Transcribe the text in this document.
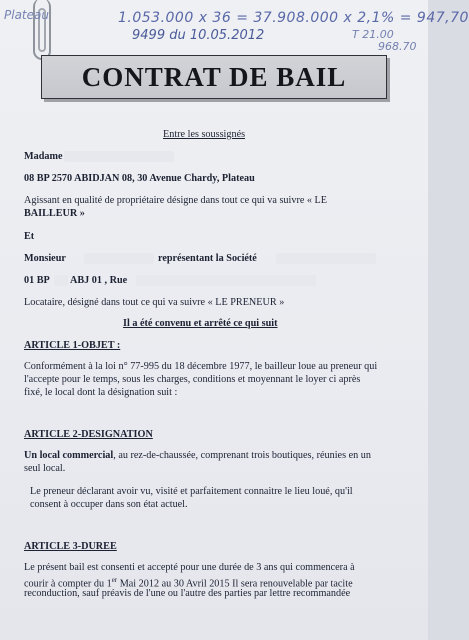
Plateau	1.053.000 x 36 = 37.908.000 x 2,1% = 947,70
9499 du 10.05.2012	T 21.00
968.70
CONTRAT DE BAIL
Entre les soussignés
Madame
08 BP 2570 ABIDJAN 08, 30 Avenue Chardy, Plateau
Agissant en qualité de propriétaire désigne dans tout ce qui va suivre « LE
BAILLEUR »
Et
Monsieur	représentant la Société
01 BP ABJ 01 , Rue
Locataire, désigné dans tout ce qui va suivre « LE PRENEUR »
Il a été convenu et arrêté ce qui suit
ARTICLE 1-OBJET :
Conformément à la loi n° 77-995 du 18 décembre 1977, le bailleur loue au preneur qui
l'accepte pour le temps, sous les charges, conditions et moyennant le loyer ci après
fixé, le local dont la désignation suit :
ARTICLE 2-DESIGNATION
Un local commercial, au rez-de-chaussée, comprenant trois boutiques, réunies en un
seul local.
Le preneur déclarant avoir vu, visité et parfaitement connaitre le lieu loué, qu'il
consent à occuper dans son état actuel.
ARTICLE 3-DUREE
Le présent bail est consenti et accepté pour une durée de 3 ans qui commencera à
courir à compter du 1er Mai 2012 au 30 Avril 2015 Il sera renouvelable par tacite
reconduction, sauf préavis de l'une ou l'autre des parties par lettre recommandée
